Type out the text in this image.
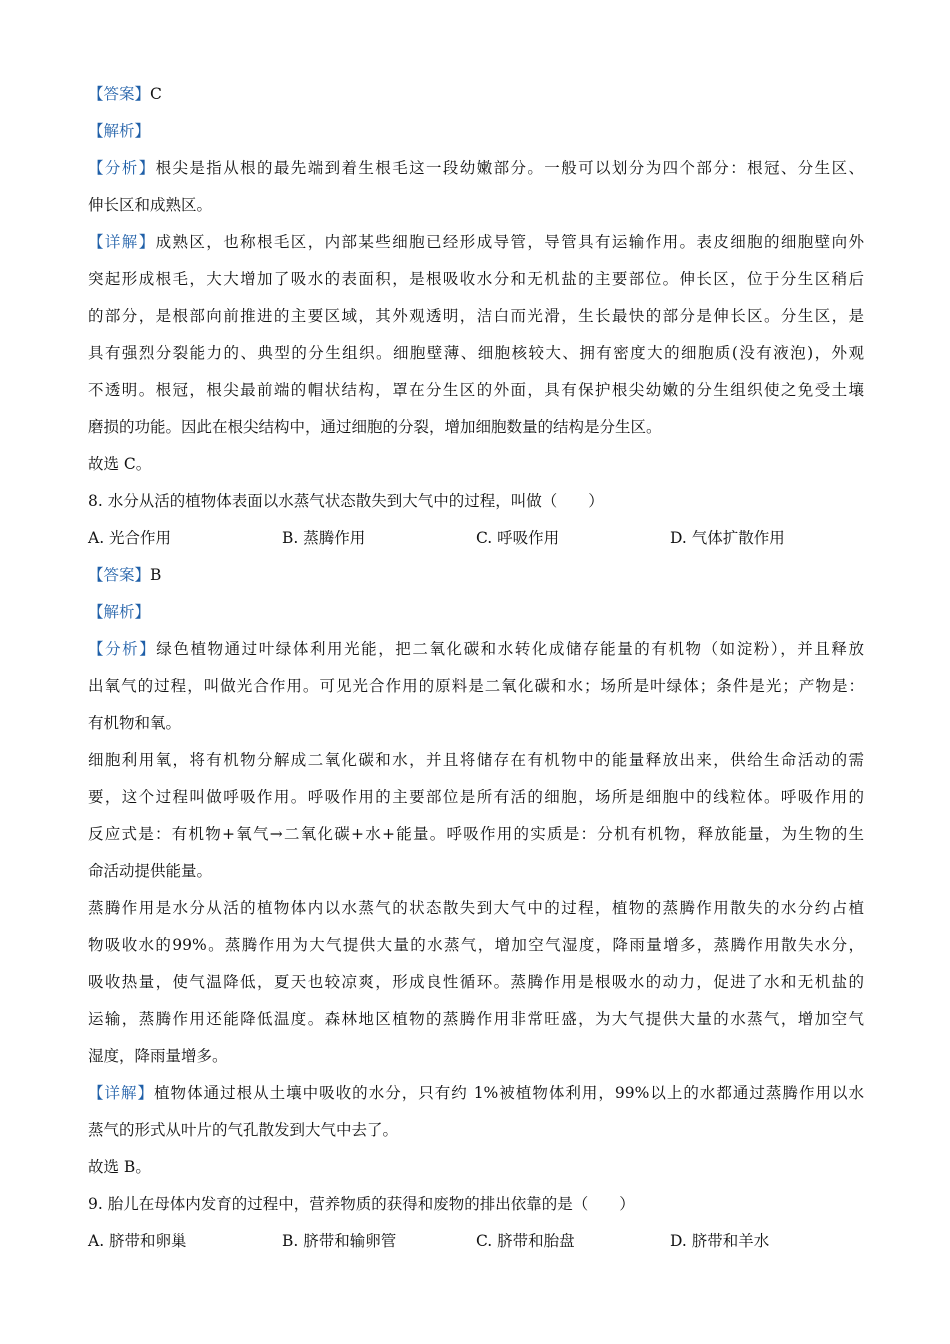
【答案】C
【解析】
【分析】根尖是指从根的最先端到着生根毛这一段幼嫩部分。一般可以划分为四个部分：根冠、分生区、
伸长区和成熟区。
【详解】成熟区，也称根毛区，内部某些细胞已经形成导管，导管具有运输作用。表皮细胞的细胞壁向外
突起形成根毛，大大增加了吸水的表面积，是根吸收水分和无机盐的主要部位。伸长区，位于分生区稍后
的部分，是根部向前推进的主要区域，其外观透明，洁白而光滑，生长最快的部分是伸长区。分生区，是
具有强烈分裂能力的、典型的分生组织。细胞壁薄、细胞核较大、拥有密度大的细胞质(没有液泡)，外观
不透明。根冠，根尖最前端的帽状结构，罩在分生区的外面，具有保护根尖幼嫩的分生组织使之免受土壤
磨损的功能。因此在根尖结构中，通过细胞的分裂，增加细胞数量的结构是分生区。
故选 C。
8. 水分从活的植物体表面以水蒸气状态散失到大气中的过程，叫做（　　）
A. 光合作用	B. 蒸腾作用	C. 呼吸作用	D. 气体扩散作用
【答案】B
【解析】
【分析】绿色植物通过叶绿体利用光能，把二氧化碳和水转化成储存能量的有机物（如淀粉），并且释放
出氧气的过程，叫做光合作用。可见光合作用的原料是二氧化碳和水；场所是叶绿体；条件是光；产物是：
有机物和氧。
细胞利用氧，将有机物分解成二氧化碳和水，并且将储存在有机物中的能量释放出来，供给生命活动的需
要，这个过程叫做呼吸作用。呼吸作用的主要部位是所有活的细胞，场所是细胞中的线粒体。呼吸作用的
反应式是：有机物+氧气→二氧化碳+水+能量。呼吸作用的实质是：分机有机物，释放能量，为生物的生
命活动提供能量。
蒸腾作用是水分从活的植物体内以水蒸气的状态散失到大气中的过程，植物的蒸腾作用散失的水分约占植
物吸收水的99%。蒸腾作用为大气提供大量的水蒸气，增加空气湿度，降雨量增多，蒸腾作用散失水分，
吸收热量，使气温降低，夏天也较凉爽，形成良性循环。蒸腾作用是根吸水的动力，促进了水和无机盐的
运输，蒸腾作用还能降低温度。森林地区植物的蒸腾作用非常旺盛，为大气提供大量的水蒸气，增加空气
湿度，降雨量增多。
【详解】植物体通过根从土壤中吸收的水分，只有约 1%被植物体利用，99%以上的水都通过蒸腾作用以水
蒸气的形式从叶片的气孔散发到大气中去了。
故选 B。
9. 胎儿在母体内发育的过程中，营养物质的获得和废物的排出依靠的是（　　）
A. 脐带和卵巢	B. 脐带和输卵管	C. 脐带和胎盘	D. 脐带和羊水
